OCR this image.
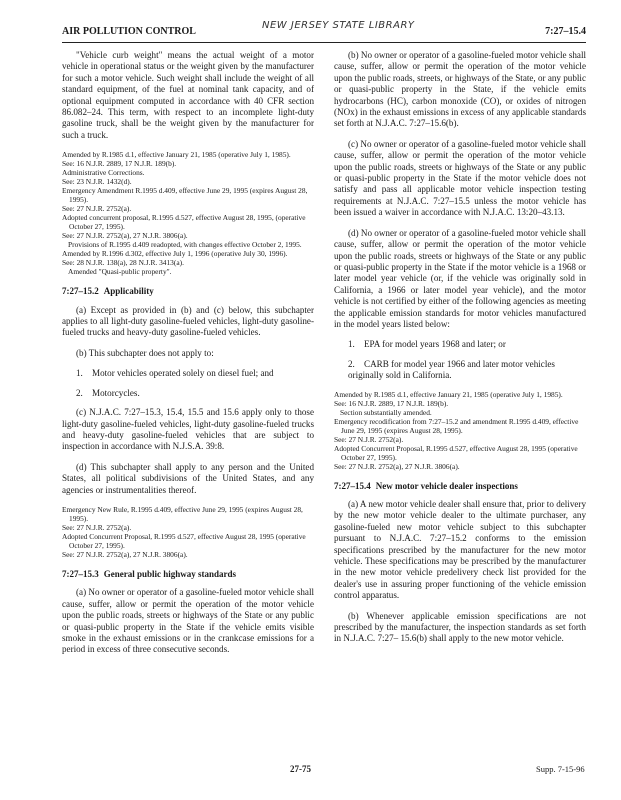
AIR POLLUTION CONTROL
NEW JERSEY STATE LIBRARY
7:27–15.4

"Vehicle curb weight" means the actual weight of a motor vehicle in operational status or the weight given by the manufacturer for such a motor vehicle. Such weight shall include the weight of all standard equipment, of the fuel at nominal tank capacity, and of optional equipment computed in accordance with 40 CFR section 86.082–24. This term, with respect to an incomplete light-duty gasoline truck, shall be the weight given by the manufacturer for such a truck.

Amended by R.1985 d.1, effective January 21, 1985 (operative July 1, 1985).
See: 16 N.J.R. 2889, 17 N.J.R. 189(b).
Administrative Corrections.
See: 23 N.J.R. 1432(d).
Emergency Amendment R.1995 d.409, effective June 29, 1995 (expires August 28, 1995).
See: 27 N.J.R. 2752(a).
Adopted concurrent proposal, R.1995 d.527, effective August 28, 1995, (operative October 27, 1995).
See: 27 N.J.R. 2752(a), 27 N.J.R. 3806(a).
Provisions of R.1995 d.409 readopted, with changes effective October 2, 1995.
Amended by R.1996 d.302, effective July 1, 1996 (operative July 30, 1996).
See: 28 N.J.R. 138(a), 28 N.J.R. 3413(a).
Amended "Quasi-public property".
7:27–15.2 Applicability

(a) Except as provided in (b) and (c) below, this subchapter applies to all light-duty gasoline-fueled vehicles, light-duty gasoline-fueled trucks and heavy-duty gasoline-fueled vehicles.

(b) This subchapter does not apply to:

1. Motor vehicles operated solely on diesel fuel; and
2. Motorcycles.

(c) N.J.A.C. 7:27–15.3, 15.4, 15.5 and 15.6 apply only to those light-duty gasoline-fueled vehicles, light-duty gasoline-fueled trucks and heavy-duty gasoline-fueled vehicles that are subject to inspection in accordance with N.J.S.A. 39:8.

(d) This subchapter shall apply to any person and the United States, all political subdivisions of the United States, and any agencies or instrumentalities thereof.

Emergency New Rule, R.1995 d.409, effective June 29, 1995 (expires August 28, 1995).
See: 27 N.J.R. 2752(a).
Adopted Concurrent Proposal, R.1995 d.527, effective August 28, 1995 (operative October 27, 1995).
See: 27 N.J.R. 2752(a), 27 N.J.R. 3806(a).
7:27–15.3 General public highway standards

(a) No owner or operator of a gasoline-fueled motor vehicle shall cause, suffer, allow or permit the operation of the motor vehicle upon the public roads, streets or highways of the State or any public or quasi-public property in the State if the vehicle emits visible smoke in the exhaust emissions or in the crankcase emissions for a period in excess of three consecutive seconds.

(b) No owner or operator of a gasoline-fueled motor vehicle shall cause, suffer, allow or permit the operation of the motor vehicle upon the public roads, streets, or highways of the State, or any public or quasi-public property in the State, if the vehicle emits hydrocarbons (HC), carbon monoxide (CO), or oxides of nitrogen (NOx) in the exhaust emissions in excess of any applicable standards set forth at N.J.A.C. 7:27–15.6(b).

(c) No owner or operator of a gasoline-fueled motor vehicle shall cause, suffer, allow or permit the operation of the motor vehicle upon the public roads, streets or highways of the State or any public or quasi-public property in the State if the motor vehicle does not satisfy and pass all applicable motor vehicle inspection testing requirements at N.J.A.C. 7:27–15.5 unless the motor vehicle has been issued a waiver in accordance with N.J.A.C. 13:20–43.13.

(d) No owner or operator of a gasoline-fueled motor vehicle shall cause, suffer, allow or permit the operation of the motor vehicle upon the public roads, streets or highways of the State or any public or quasi-public property in the State if the motor vehicle is a 1968 or later model year vehicle (or, if the vehicle was originally sold in California, a 1966 or later model year vehicle), and the motor vehicle is not certified by either of the following agencies as meeting the applicable emission standards for motor vehicles manufactured in the model years listed below:

1. EPA for model years 1968 and later; or
2. CARB for model year 1966 and later motor vehicles originally sold in California.
Amended by R.1985 d.1, effective January 21, 1985 (operative July 1, 1985).
See: 16 N.J.R. 2889, 17 N.J.R. 189(b).
Section substantially amended.
Emergency recodification from 7:27–15.2 and amendment R.1995 d.409, effective June 29, 1995 (expires August 28, 1995).
See: 27 N.J.R. 2752(a).
Adopted Concurrent Proposal, R.1995 d.527, effective August 28, 1995 (operative October 27, 1995).
See: 27 N.J.R. 2752(a), 27 N.J.R. 3806(a).
7:27–15.4 New motor vehicle dealer inspections

(a) A new motor vehicle dealer shall ensure that, prior to delivery by the new motor vehicle dealer to the ultimate purchaser, any gasoline-fueled new motor vehicle subject to this subchapter pursuant to N.J.A.C. 7:27–15.2 conforms to the emission specifications prescribed by the manufacturer for the new motor vehicle. These specifications may be prescribed by the manufacturer in the new motor vehicle predelivery check list provided for the dealer's use in assuring proper functioning of the vehicle emission control apparatus.

(b) Whenever applicable emission specifications are not prescribed by the manufacturer, the inspection standards as set forth in N.J.A.C. 7:27– 15.6(b) shall apply to the new motor vehicle.

27-75	Supp. 7-15-96
